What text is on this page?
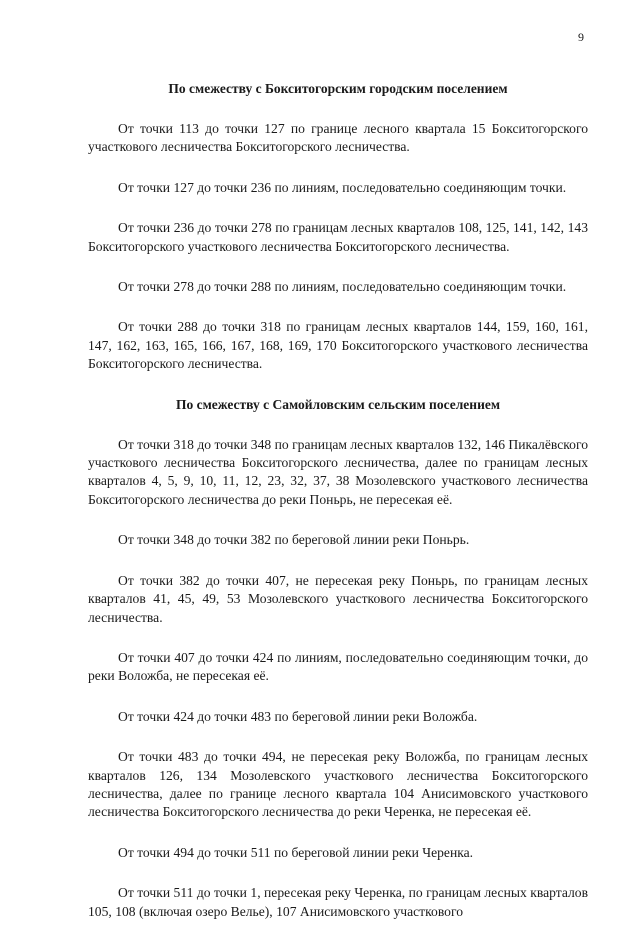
9
По смежеству с Бокситогорским городским поселением

От точки 113 до точки 127 по границе лесного квартала 15 Бокситогорского участкового лесничества Бокситогорского лесничества.

От точки 127 до точки 236 по линиям, последовательно соединяющим точки.

От точки 236 до точки 278 по границам лесных кварталов 108, 125, 141, 142, 143 Бокситогорского участкового лесничества Бокситогорского лесничества.

От точки 278 до точки 288 по линиям, последовательно соединяющим точки.

От точки 288 до точки 318 по границам лесных кварталов 144, 159, 160, 161, 147, 162, 163, 165, 166, 167, 168, 169, 170 Бокситогорского участкового лесничества Бокситогорского лесничества.

По смежеству с Самойловским сельским поселением

От точки 318 до точки 348 по границам лесных кварталов 132, 146 Пикалёвского участкового лесничества Бокситогорского лесничества, далее по границам лесных кварталов 4, 5, 9, 10, 11, 12, 23, 32, 37, 38 Мозолевского участкового лесничества Бокситогорского лесничества до реки Поньрь, не пересекая её.

От точки 348 до точки 382 по береговой линии реки Поньрь.

От точки 382 до точки 407, не пересекая реку Поньрь, по границам лесных кварталов 41, 45, 49, 53 Мозолевского участкового лесничества Бокситогорского лесничества.

От точки 407 до точки 424 по линиям, последовательно соединяющим точки, до реки Воложба, не пересекая её.

От точки 424 до точки 483 по береговой линии реки Воложба.

От точки 483 до точки 494, не пересекая реку Воложба, по границам лесных кварталов 126, 134 Мозолевского участкового лесничества Бокситогорского лесничества, далее по границе лесного квартала 104 Анисимовского участкового лесничества Бокситогорского лесничества до реки Черенка, не пересекая её.

От точки 494 до точки 511 по береговой линии реки Черенка.

От точки 511 до точки 1, пересекая реку Черенка, по границам лесных кварталов 105, 108 (включая озеро Велье), 107 Анисимовского участкового
